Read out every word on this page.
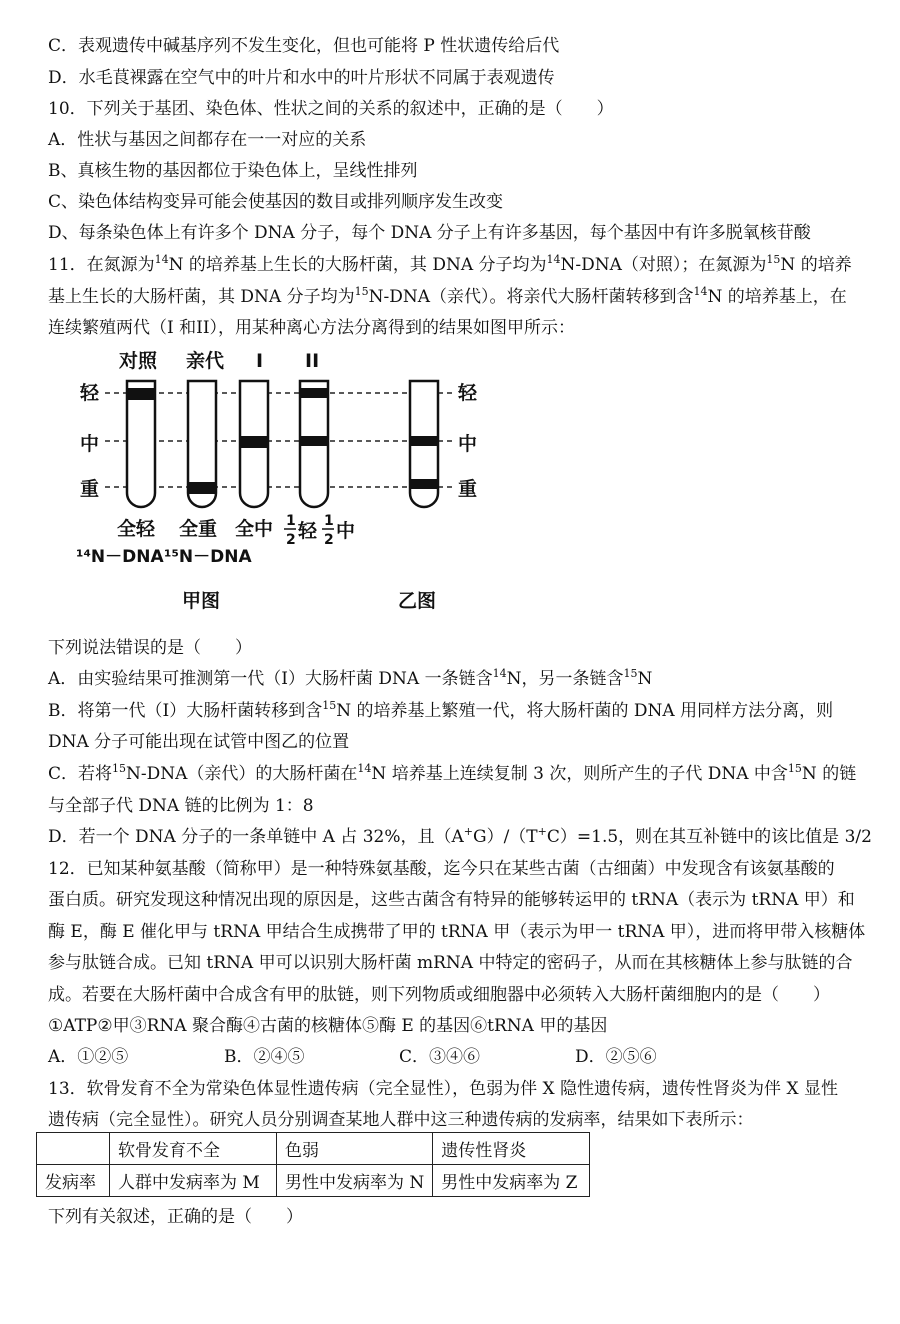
C．表观遗传中碱基序列不发生变化，但也可能将 P 性状遗传给后代
D．水毛茛裸露在空气中的叶片和水中的叶片形状不同属于表观遗传
10．下列关于基团、染色体、性状之间的关系的叙述中，正确的是（　　）
A．性状与基因之间都存在一一对应的关系
B、真核生物的基因都位于染色体上，呈线性排列
C、染色体结构变异可能会使基因的数目或排列顺序发生改变
D、每条染色体上有许多个 DNA 分子，每个 DNA 分子上有许多基因，每个基因中有许多脱氧核苷酸
11．在氮源为$^{14}$N 的培养基上生长的大肠杆菌，其 DNA 分子均为$^{14}$N-DNA（对照）；在氮源为$^{15}$N 的培养
基上生长的大肠杆菌，其 DNA 分子均为$^{15}$N-DNA（亲代）。将亲代大肠杆菌转移到含$^{14}$N 的培养基上，在
连续繁殖两代（I 和II），用某种离心方法分离得到的结果如图甲所示：
对照 亲代 I II
轻
中
重
轻
中
重
全轻 全重 全中 1
2 轻 1
2 中
¹⁴N－DNA ¹⁵N－DNA
甲图	乙图
下列说法错误的是（　　）
A．由实验结果可推测第一代（I）大肠杆菌 DNA 一条链含$^{14}$N，另一条链含$^{15}$N
B．将第一代（I）大肠杆菌转移到含$^{15}$N 的培养基上繁殖一代，将大肠杆菌的 DNA 用同样方法分离，则
DNA 分子可能出现在试管中图乙的位置
C．若将$^{15}$N-DNA（亲代）的大肠杆菌在$^{14}$N 培养基上连续复制 3 次，则所产生的子代 DNA 中含$^{15}$N 的链
与全部子代 DNA 链的比例为 1：8
D．若一个 DNA 分子的一条单链中 A 占 32%，且（A+G）/（T+C）=1.5，则在其互补链中的该比值是 3/2
12．已知某种氨基酸（简称甲）是一种特殊氨基酸，迄今只在某些古菌（古细菌）中发现含有该氨基酸的
蛋白质。研究发现这种情况出现的原因是，这些古菌含有特异的能够转运甲的 tRNA（表示为 tRNA 甲）和
酶 E，酶 E 催化甲与 tRNA 甲结合生成携带了甲的 tRNA 甲（表示为甲一 tRNA 甲），进而将甲带入核糖体
参与肽链合成。已知 tRNA 甲可以识别大肠杆菌 mRNA 中特定的密码子，从而在其核糖体上参与肽链的合
成。若要在大肠杆菌中合成含有甲的肽链，则下列物质或细胞器中必须转入大肠杆菌细胞内的是（　　）
①ATP②甲③RNA 聚合酶④古菌的核糖体⑤酶 E 的基因⑥tRNA 甲的基因
A．①②⑤	B．②④⑤	C．③④⑥	D．②⑤⑥
13．软骨发育不全为常染色体显性遗传病（完全显性），色弱为伴 X 隐性遗传病，遗传性肾炎为伴 X 显性
遗传病（完全显性）。研究人员分别调查某地人群中这三种遗传病的发病率，结果如下表所示：
	软骨发育不全	色弱	遗传性肾炎
发病率	人群中发病率为 M	男性中发病率为 N	男性中发病率为 Z
下列有关叙述，正确的是（　　）
